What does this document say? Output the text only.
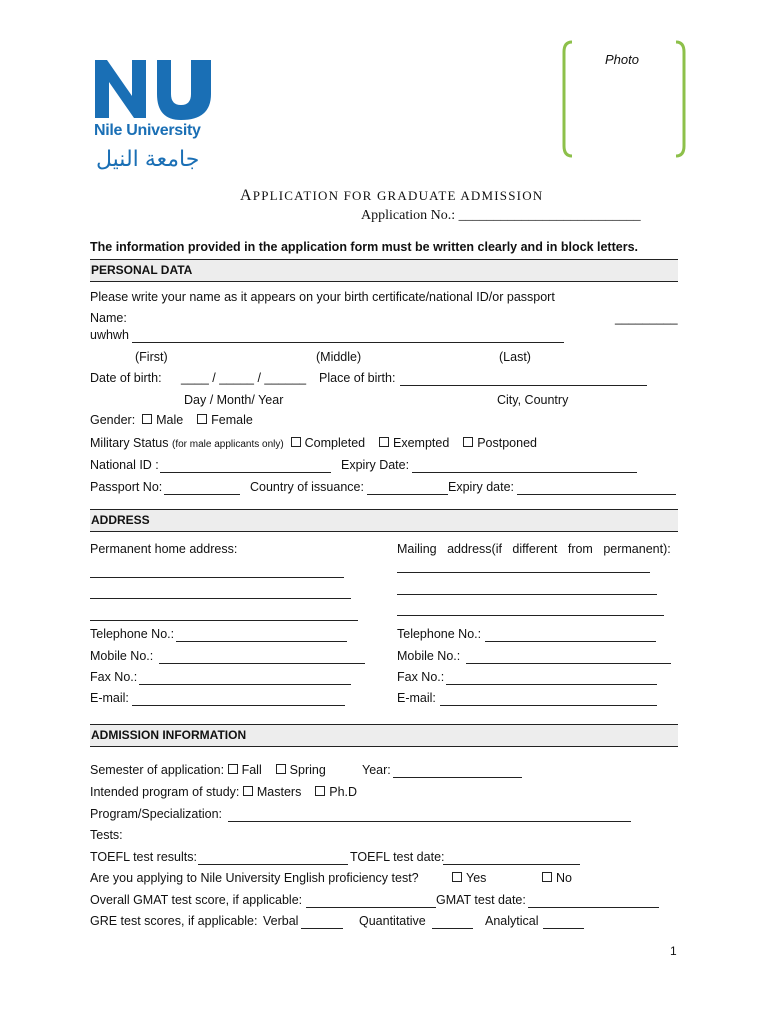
Nile University
جامعة النيل
Photo
APPLICATION FOR GRADUATE ADMISSION
Application No.: __________________________
The information provided in the application form must be written clearly and in block letters.
PERSONAL DATA
Please write your name as it appears on your birth certificate/national ID/or passport
Name:	_________
uwhwh
(First)	(Middle)	(Last)
Date of birth: ____ / _____ / ______ Place of birth:
Day / Month/ Year	City, Country
Gender: Male Female
Military Status (for male applicants only) Completed Exempted Postponed
National ID :	Expiry Date:
Passport No:	Country of issuance:	Expiry date:
ADDRESS
Permanent home address:	Mailing address(if different from permanent):
Telephone No.:	Telephone No.:
Mobile No.:	Mobile No.:
Fax No.:	Fax No.:
E-mail:	E-mail:
ADMISSION INFORMATION
Semester of application: Fall Spring	Year:
Intended program of study: Masters Ph.D
Program/Specialization:
Tests:
TOEFL test results:	TOEFL test date:
Are you applying to Nile University English proficiency test?	Yes	No
Overall GMAT test score, if applicable:	GMAT test date:
GRE test scores, if applicable: Verbal	Quantitative	Analytical
1
